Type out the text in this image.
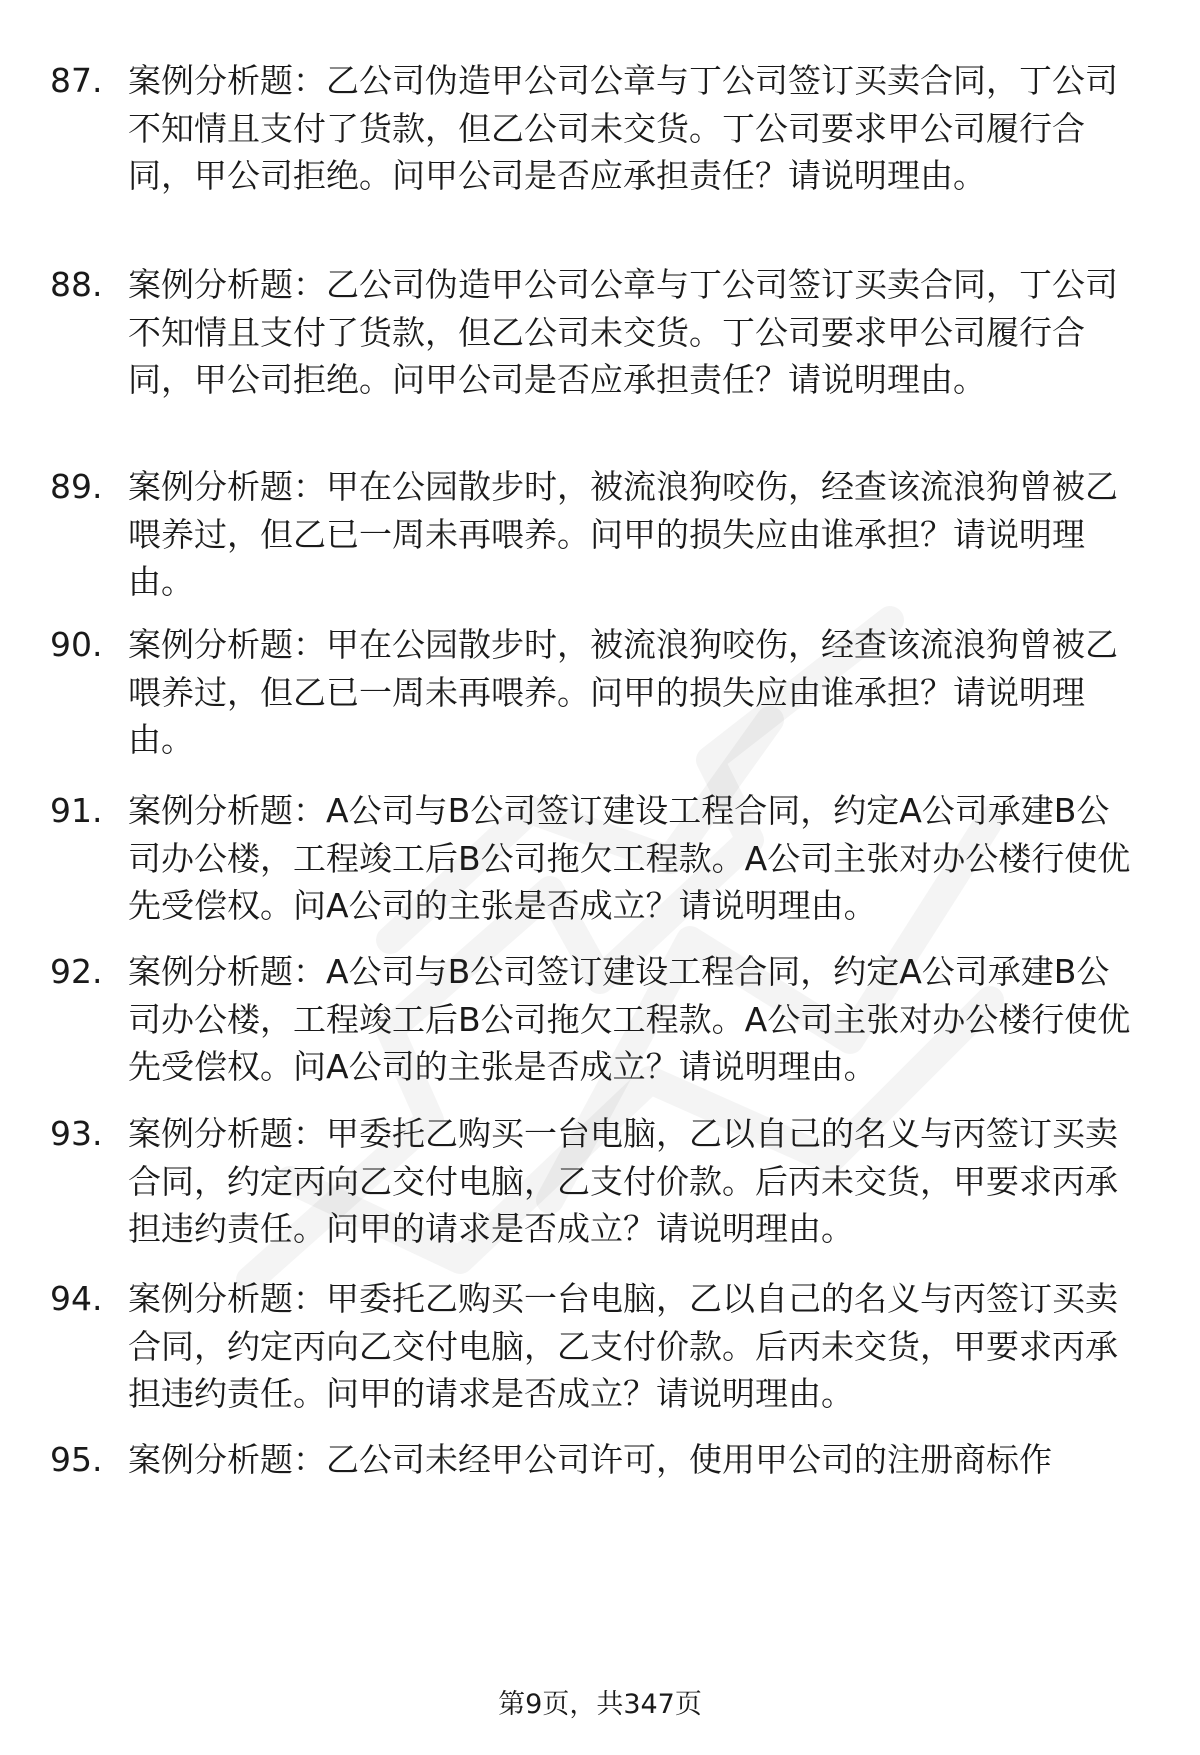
87. 案例分析题：乙公司伪造甲公司公章与丁公司签订买卖合同，丁公司不知情且支付了货款，但乙公司未交货。丁公司要求甲公司履行合同，甲公司拒绝。问甲公司是否应承担责任？请说明理由。
88. 案例分析题：乙公司伪造甲公司公章与丁公司签订买卖合同，丁公司不知情且支付了货款，但乙公司未交货。丁公司要求甲公司履行合同，甲公司拒绝。问甲公司是否应承担责任？请说明理由。
89. 案例分析题：甲在公园散步时，被流浪狗咬伤，经查该流浪狗曾被乙喂养过，但乙已一周未再喂养。问甲的损失应由谁承担？请说明理由。
90. 案例分析题：甲在公园散步时，被流浪狗咬伤，经查该流浪狗曾被乙喂养过，但乙已一周未再喂养。问甲的损失应由谁承担？请说明理由。
91. 案例分析题：A公司与B公司签订建设工程合同，约定A公司承建B公司办公楼，工程竣工后B公司拖欠工程款。A公司主张对办公楼行使优先受偿权。问A公司的主张是否成立？请说明理由。
92. 案例分析题：A公司与B公司签订建设工程合同，约定A公司承建B公司办公楼，工程竣工后B公司拖欠工程款。A公司主张对办公楼行使优先受偿权。问A公司的主张是否成立？请说明理由。
93. 案例分析题：甲委托乙购买一台电脑，乙以自己的名义与丙签订买卖合同，约定丙向乙交付电脑，乙支付价款。后丙未交货，甲要求丙承担违约责任。问甲的请求是否成立？请说明理由。
94. 案例分析题：甲委托乙购买一台电脑，乙以自己的名义与丙签订买卖合同，约定丙向乙交付电脑，乙支付价款。后丙未交货，甲要求丙承担违约责任。问甲的请求是否成立？请说明理由。
95. 案例分析题：乙公司未经甲公司许可，使用甲公司的注册商标作
第9页，共347页
